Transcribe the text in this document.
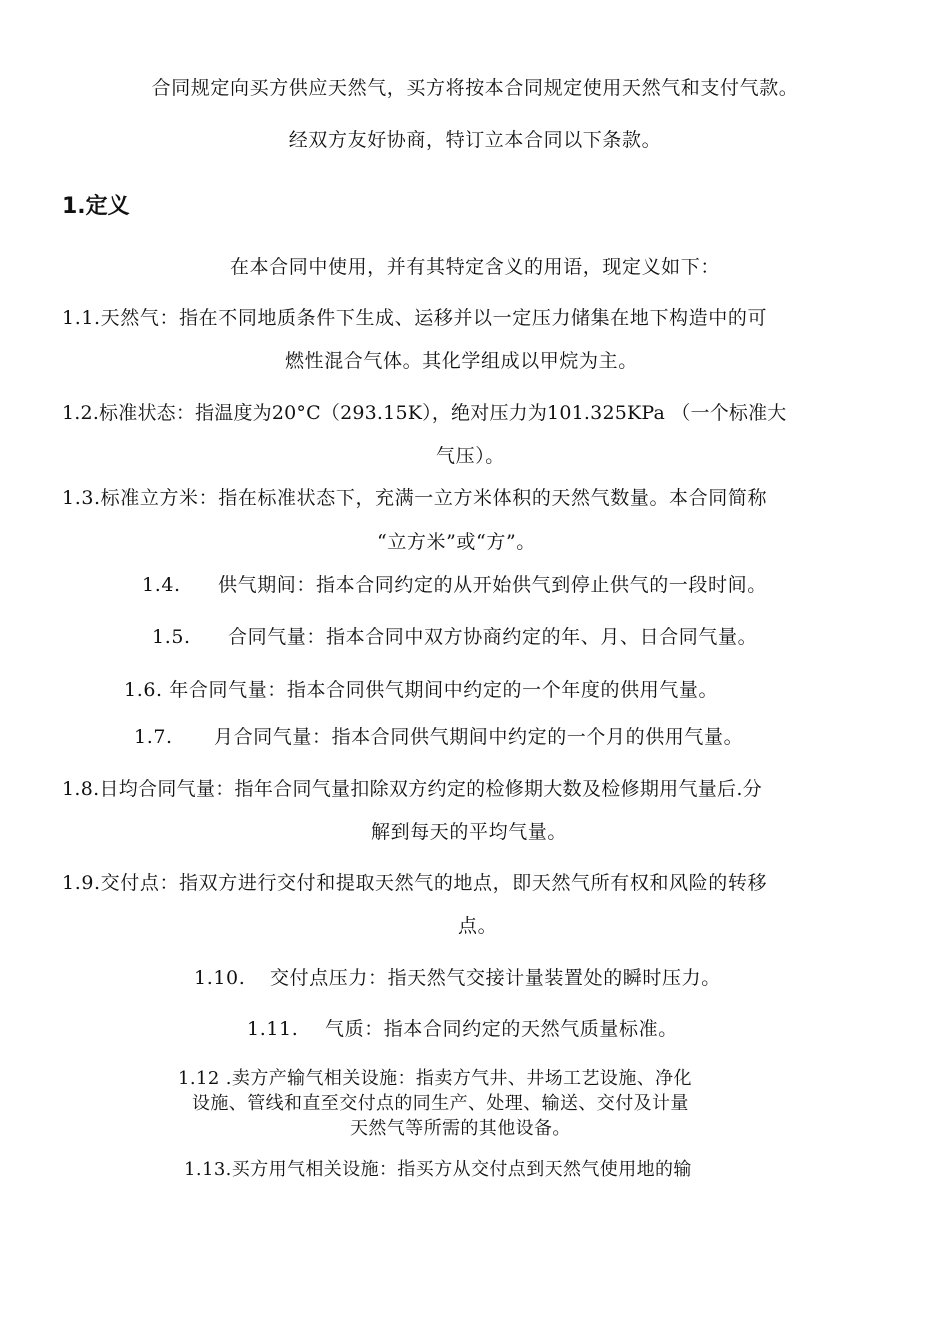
合同规定向买方供应天然气，买方将按本合同规定使用天然气和支付气款。
经双方友好协商，特订立本合同以下条款。
1.定义
在本合同中使用，并有其特定含义的用语，现定义如下：
1.1.天然气：指在不同地质条件下生成、运移并以一定压力储集在地下构造中的可
燃性混合气体。其化学组成以甲烷为主。
1.2.标准状态：指温度为20°C（293.15K），绝对压力为101.325KPa （一个标准大
气压）。
1.3.标准立方米：指在标准状态下，充满一立方米体积的天然气数量。本合同简称
“立方米”或“方”。
1.4. 供气期间：指本合同约定的从开始供气到停止供气的一段时间。
1.5. 合同气量：指本合同中双方协商约定的年、月、日合同气量。
1.6. 年合同气量：指本合同供气期间中约定的一个年度的供用气量。
1.7. 月合同气量：指本合同供气期间中约定的一个月的供用气量。
1.8.日均合同气量：指年合同气量扣除双方约定的检修期大数及检修期用气量后.分
解到每天的平均气量。
1.9.交付点：指双方进行交付和提取天然气的地点，即天然气所有权和风险的转移
点。
1.10. 交付点压力：指天然气交接计量装置处的瞬时压力。
1.11. 气质：指本合同约定的天然气质量标准。
1.12 .卖方产输气相关设施：指卖方气井、井场工艺设施、净化
设施、管线和直至交付点的同生产、处理、输送、交付及计量
天然气等所需的其他设备。
1.13.买方用气相关设施：指买方从交付点到天然气使用地的输
